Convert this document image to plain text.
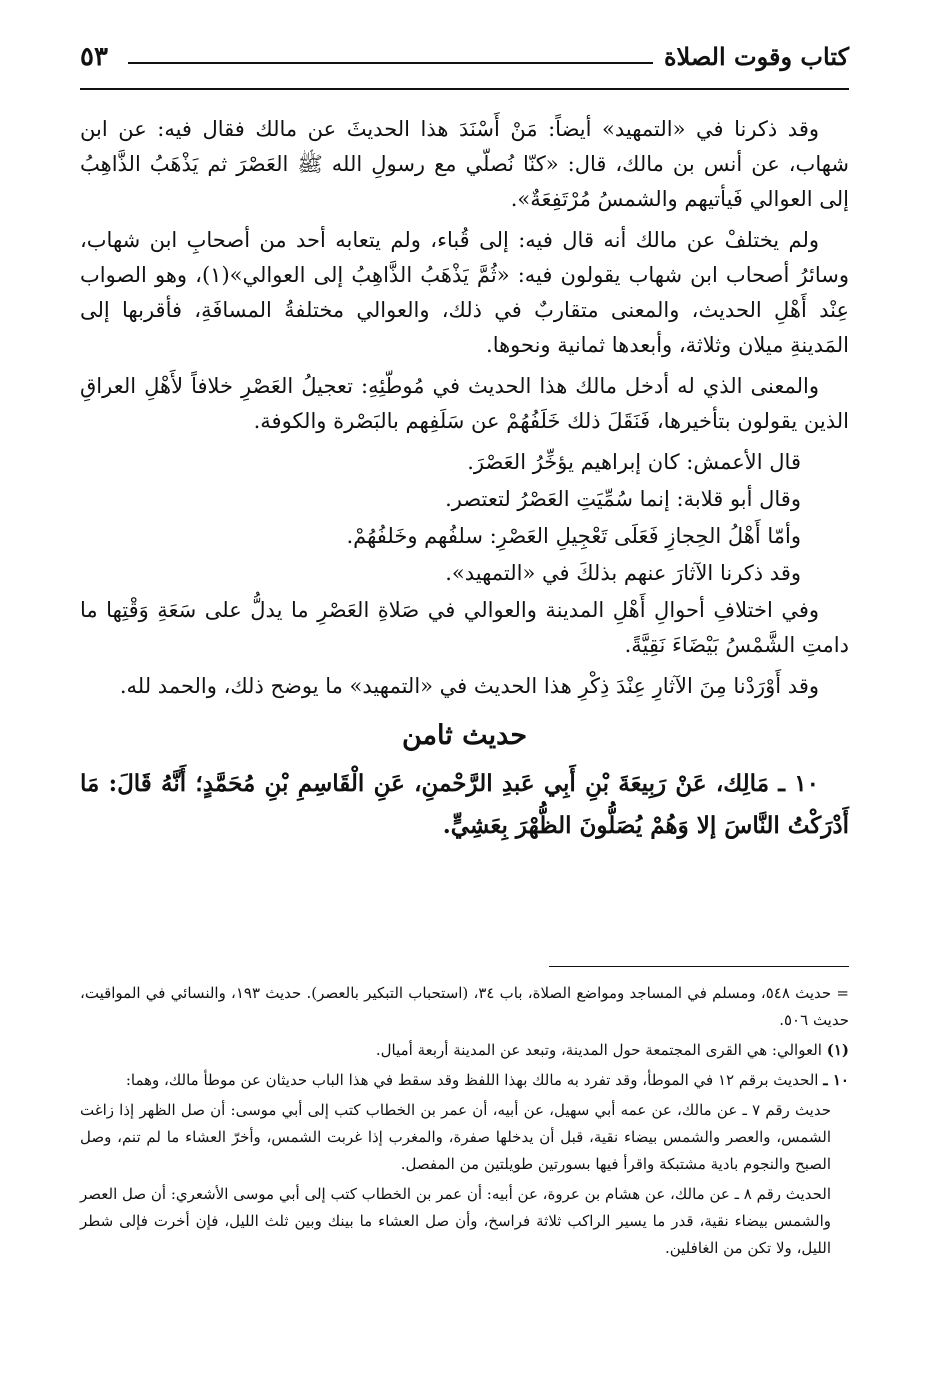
كتاب وقوت الصلاة
٥٣

وقد ذكرنا في «التمهيد» أيضاً: مَنْ أَسْنَدَ هذا الحديثَ عن مالك فقال فيه: عن ابن شهاب، عن أنس بن مالك، قال: «كنّا نُصلّي مع رسولِ الله ﷺ العَصْرَ ثم يَذْهَبُ الذَّاهِبُ إلى العوالي فَيأتيهم والشمسُ مُرْتَفِعَةٌ».

ولم يختلفْ عن مالك أنه قال فيه: إلى قُباء، ولم يتعابه أحد من أصحابِ ابن شهاب، وسائرُ أصحاب ابن شهاب يقولون فيه: «ثُمَّ يَذْهَبُ الذَّاهِبُ إلى العوالي»(١)، وهو الصواب عِنْد أَهْلِ الحديث، والمعنى متقاربٌ في ذلك، والعوالي مختلفةُ المسافَةِ، فأقربها إلى المَدينةِ ميلان وثلاثة، وأبعدها ثمانية ونحوها.

والمعنى الذي له أدخل مالك هذا الحديث في مُوطّئِهِ: تعجيلُ العَصْرِ خلافاً لأَهْلِ العراقِ الذين يقولون بتأخيرها، فَنَقَلَ ذلك خَلَفُهُمْ عن سَلَفِهم بالبَصْرة والكوفة.

قال الأعمش: كان إبراهيم يؤخِّرُ العَصْرَ.

وقال أبو قلابة: إنما سُمِّيَتِ العَصْرُ لتعتصر.

وأمّا أَهْلُ الحِجازِ فَعَلَى تَعْجِيلِ العَصْرِ: سلفُهم وخَلفُهُمْ.

وقد ذكرنا الآثارَ عنهم بذلكَ في «التمهيد».

وفي اختلافِ أحوالِ أَهْلِ المدينة والعوالي في صَلاةِ العَصْرِ ما يدلُّ على سَعَةِ وَقْتِها ما دامتِ الشَّمْسُ بَيْضَاءَ نَقِيَّةً.

وقد أَوْرَدْنا مِنَ الآثارِ عِنْدَ ذِكْرِ هذا الحديث في «التمهيد» ما يوضح ذلك، والحمد لله.

حديث ثامن

١٠ ـ مَالِك، عَنْ رَبِيعَةَ بْنِ أَبِي عَبدِ الرَّحْمنِ، عَنِ الْقَاسِمِ بْنِ مُحَمَّدٍ؛ أَنَّهُ قَالَ: مَا أَدْرَكْتُ النَّاسَ إلا وَهُمْ يُصَلُّونَ الظُّهْرَ بِعَشِيٍّ.

= حديث ٥٤٨، ومسلم في المساجد ومواضع الصلاة، باب ٣٤، (استحباب التبكير بالعصر). حديث ١٩٣، والنسائي في المواقيت، حديث ٥٠٦.

(١) العوالي: هي القرى المجتمعة حول المدينة، وتبعد عن المدينة أربعة أميال.

١٠ ـ الحديث برقم ١٢ في الموطأ، وقد تفرد به مالك بهذا اللفظ وقد سقط في هذا الباب حديثان عن موطأ مالك، وهما:

حديث رقم ٧ ـ عن مالك، عن عمه أبي سهيل، عن أبيه، أن عمر بن الخطاب كتب إلى أبي موسى: أن صل الظهر إذا زاغت الشمس، والعصر والشمس بيضاء نقية، قبل أن يدخلها صفرة، والمغرب إذا غربت الشمس، وأخرّ العشاء ما لم تنم، وصل الصبح والنجوم بادية مشتبكة واقرأ فيها بسورتين طويلتين من المفصل.

الحديث رقم ٨ ـ عن مالك، عن هشام بن عروة، عن أبيه: أن عمر بن الخطاب كتب إلى أبي موسى الأشعري: أن صل العصر والشمس بيضاء نقية، قدر ما يسير الراكب ثلاثة فراسخ، وأن صل العشاء ما بينك وبين ثلث الليل، فإن أخرت فإلى شطر الليل، ولا تكن من الغافلين.
